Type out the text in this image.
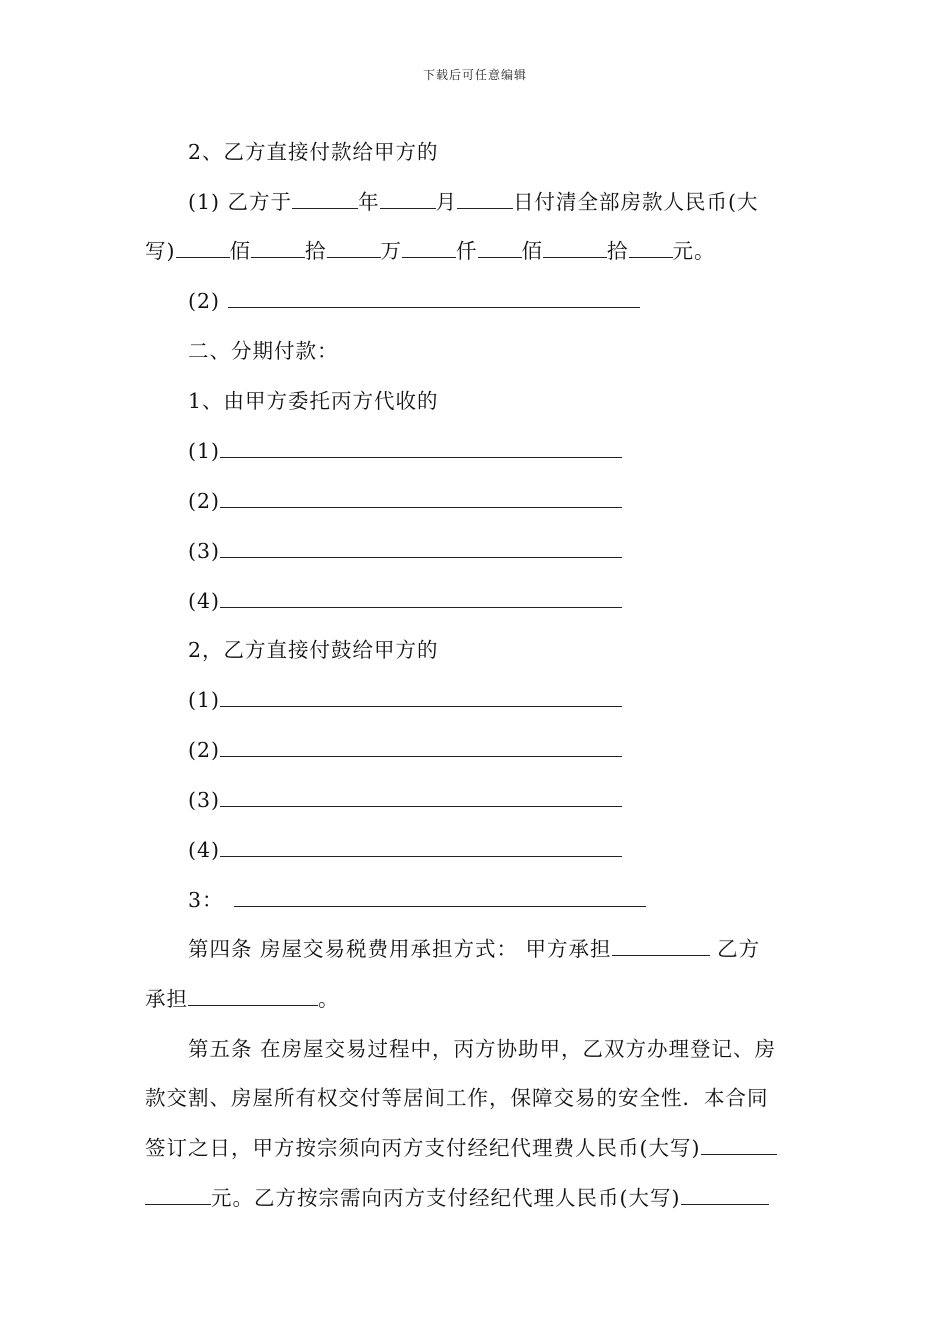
下载后可任意编辑
2、乙方直接付款给甲方的
(1) 乙方于	年	月	日付清全部房款人民币(大
写)	佰	拾	万	仟 佰	拾 元。
(2)
二、分期付款：
1、由甲方委托丙方代收的
(1)
(2)
(3)
(4)
2，乙方直接付鼓给甲方的
(1)
(2)
(3)
(4)
3：
第四条 房屋交易税费用承担方式： 甲方承担	乙方
承担	。
第五条 在房屋交易过程中，丙方协助甲，乙双方办理登记、房
款交割、房屋所有权交付等居间工作，保障交易的安全性．本合同
签订之日，甲方按宗须向丙方支付经纪代理费人民币(大写)
元。乙方按宗需向丙方支付经纪代理人民币(大写)
